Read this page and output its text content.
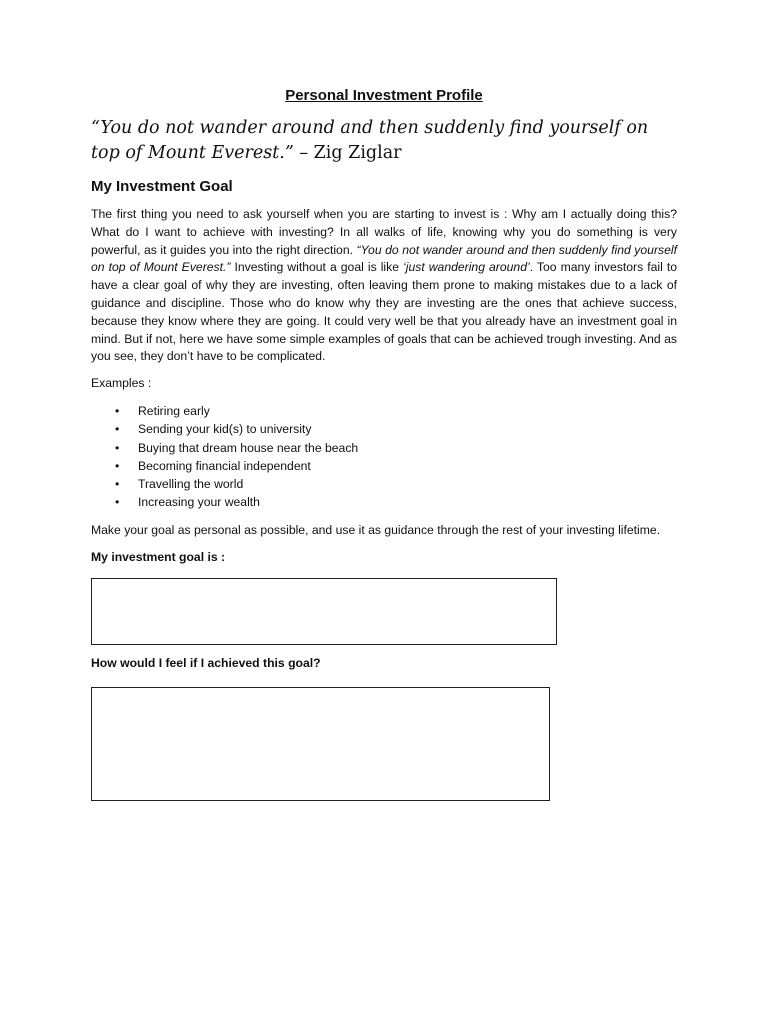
Personal Investment Profile
“You do not wander around and then suddenly find yourself on top of Mount Everest.” – Zig Ziglar
My Investment Goal

The first thing you need to ask yourself when you are starting to invest is : Why am I actually doing this? What do I want to achieve with investing? In all walks of life, knowing why you do something is very powerful, as it guides you into the right direction. “You do not wander around and then suddenly find yourself on top of Mount Everest.” Investing without a goal is like ‘just wandering around’. Too many investors fail to have a clear goal of why they are investing, often leaving them prone to making mistakes due to a lack of guidance and discipline. Those who do know why they are investing are the ones that achieve success, because they know where they are going. It could very well be that you already have an investment goal in mind. But if not, here we have some simple examples of goals that can be achieved trough investing. And as you see, they don’t have to be complicated.

Examples :
• Retiring early
• Sending your kid(s) to university
• Buying that dream house near the beach
• Becoming financial independent
• Travelling the world
• Increasing your wealth

Make your goal as personal as possible, and use it as guidance through the rest of your investing lifetime.

My investment goal is :
How would I feel if I achieved this goal?
